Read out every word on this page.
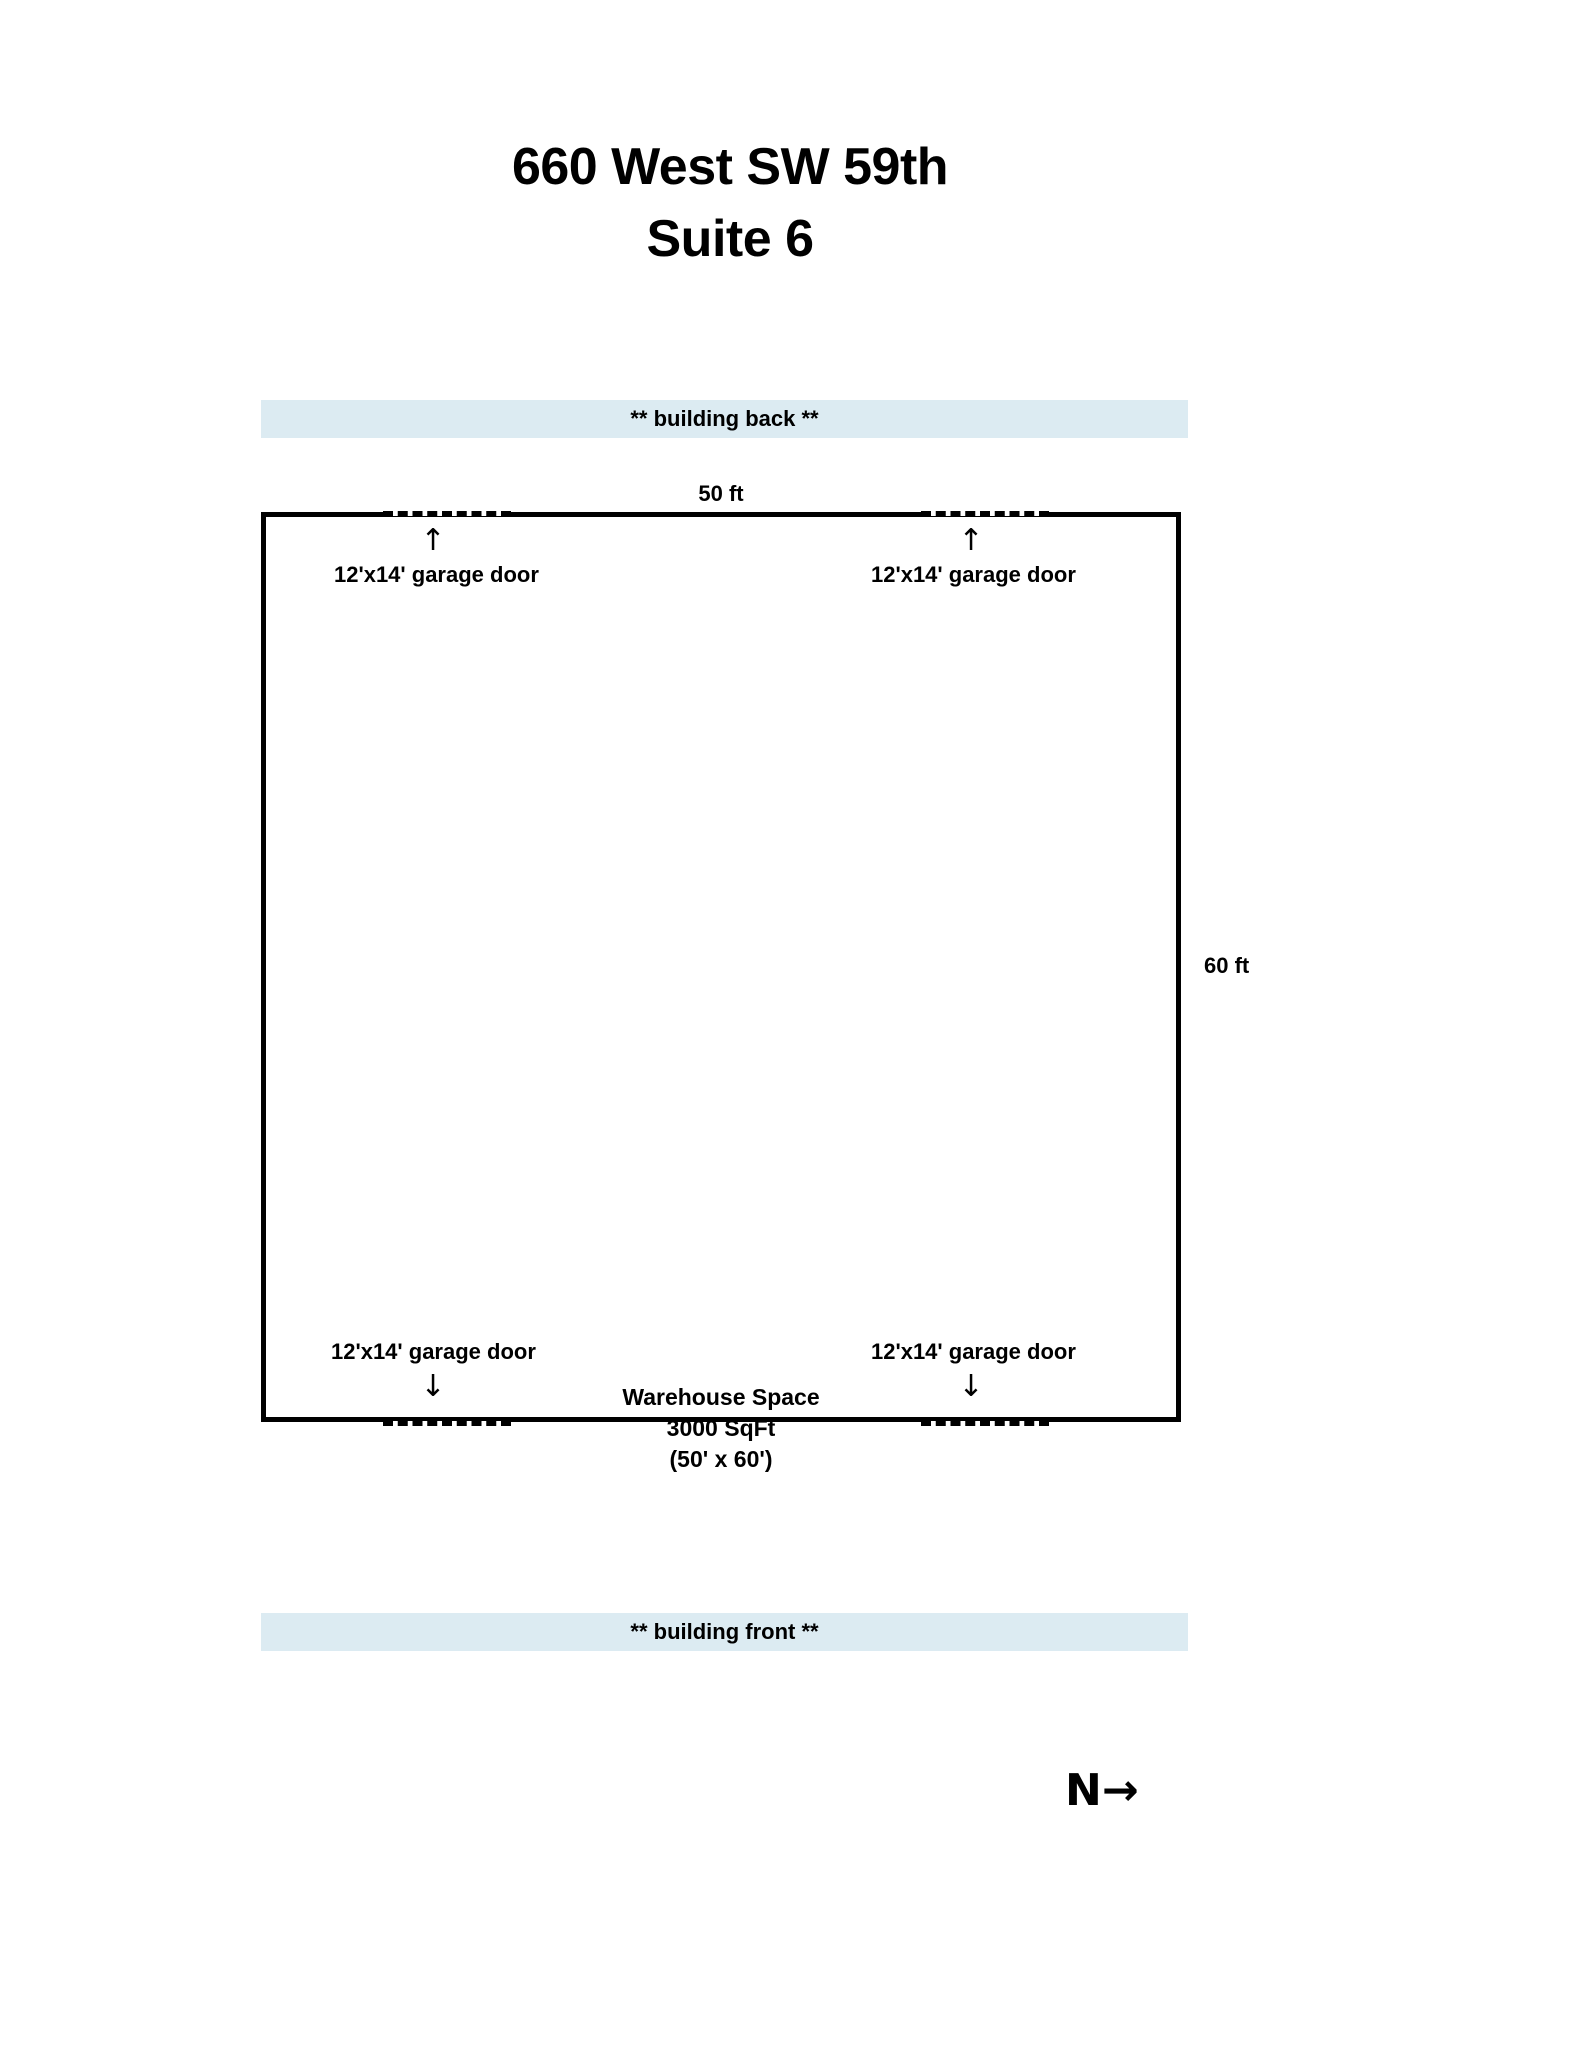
660 West SW 59th
Suite 6
** building back **
50 ft
↑	↑
↓	↓
12'x14' garage door	12'x14' garage door
12'x14' garage door	12'x14' garage door
Warehouse Space
3000 SqFt
(50' x 60')
60 ft
** building front **
N→
